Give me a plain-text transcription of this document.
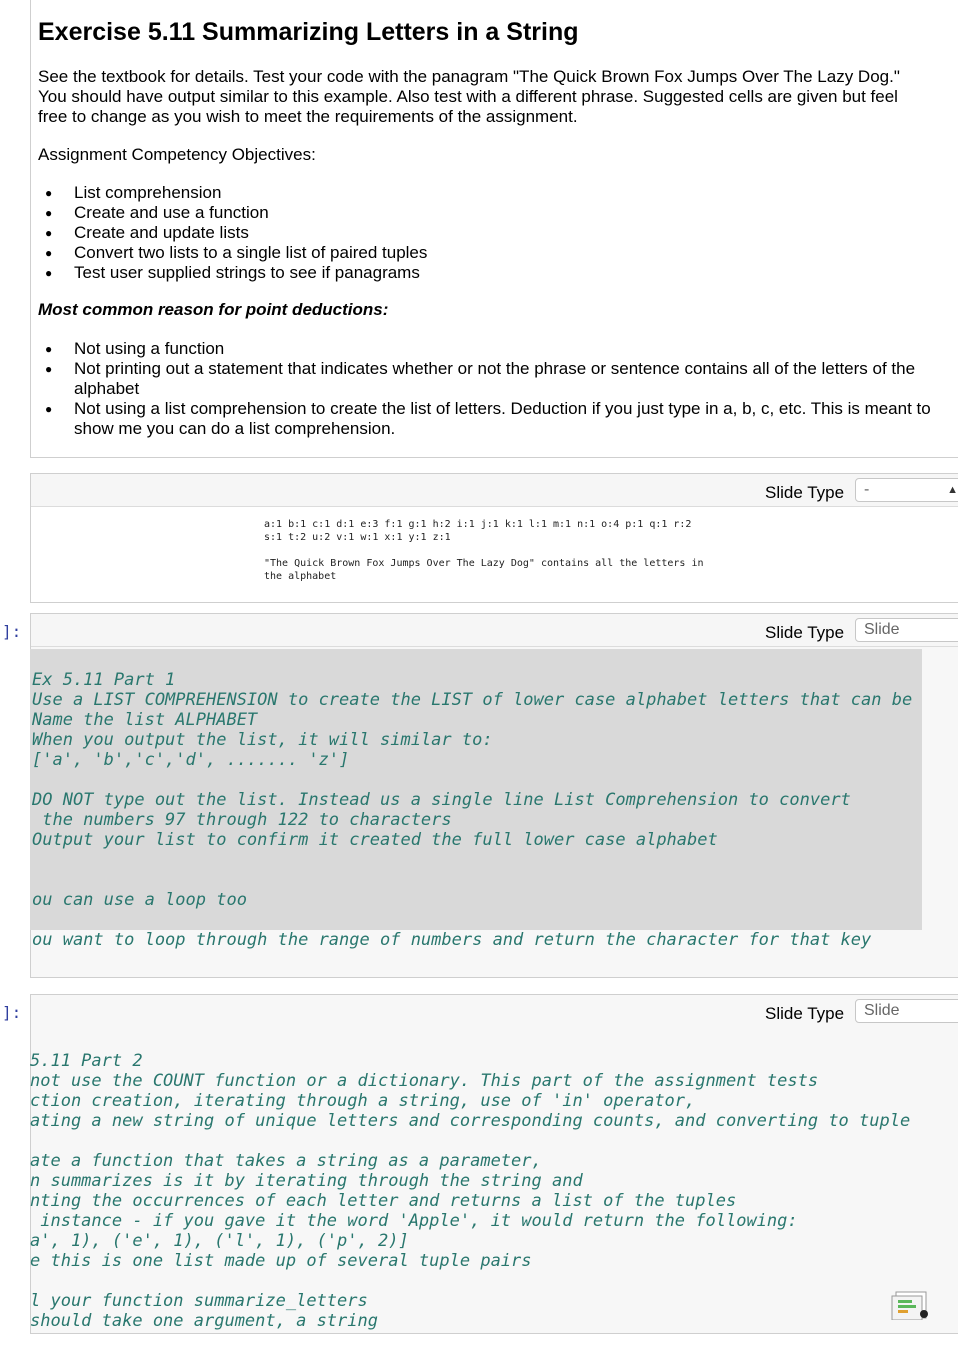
Exercise 5.11 Summarizing Letters in a String
See the textbook for details. Test your code with the panagram "The Quick Brown Fox Jumps Over The Lazy Dog."
You should have output similar to this example. Also test with a different phrase. Suggested cells are given but feel
free to change as you wish to meet the requirements of the assignment.
Assignment Competency Objectives:
● List comprehension
● Create and use a function
● Create and update lists
● Convert two lists to a single list of paired tuples
● Test user supplied strings to see if panagrams
Most common reason for point deductions:
● Not using a function
● Not printing out a statement that indicates whether or not the phrase or sentence contains all of the letters of the alphabet
● Not using a list comprehension to create the list of letters. Deduction if you just type in a, b, c, etc. This is meant to show me you can do a list comprehension.
Slide Type	-	▲

a:1 b:1 c:1 d:1 e:3 f:1 g:1 h:2 i:1 j:1 k:1 l:1 m:1 n:1 o:4 p:1 q:1 r:2
s:1 t:2 u:2 v:1 w:1 x:1 y:1 z:1
"The Quick Brown Fox Jumps Over The Lazy Dog" contains all the letters in
the alphabet
]:	Slide Type	Slide

Ex 5.11 Part 1
Use a LIST COMPREHENSION to create the LIST of lower case alphabet letters that can be
Name the list ALPHABET
When you output the list, it will similar to:
['a', 'b','c','d', ....... 'z']
DO NOT type out the list. Instead us a single line List Comprehension to convert
the numbers 97 through 122 to characters
Output your list to confirm it created the full lower case alphabet
ou can use a loop too
ou want to loop through the range of numbers and return the character for that key

]:	Slide Type	Slide

5.11 Part 2
not use the COUNT function or a dictionary. This part of the assignment tests
ction creation, iterating through a string, use of 'in' operator,
ating a new string of unique letters and corresponding counts, and converting to tuple
ate a function that takes a string as a parameter,
n summarizes is it by iterating through the string and
nting the occurrences of each letter and returns a list of the tuples
instance - if you gave it the word 'Apple', it would return the following:
a', 1), ('e', 1), ('l', 1), ('p', 2)]
e this is one list made up of several tuple pairs
l your function summarize_letters
should take one argument, a string
